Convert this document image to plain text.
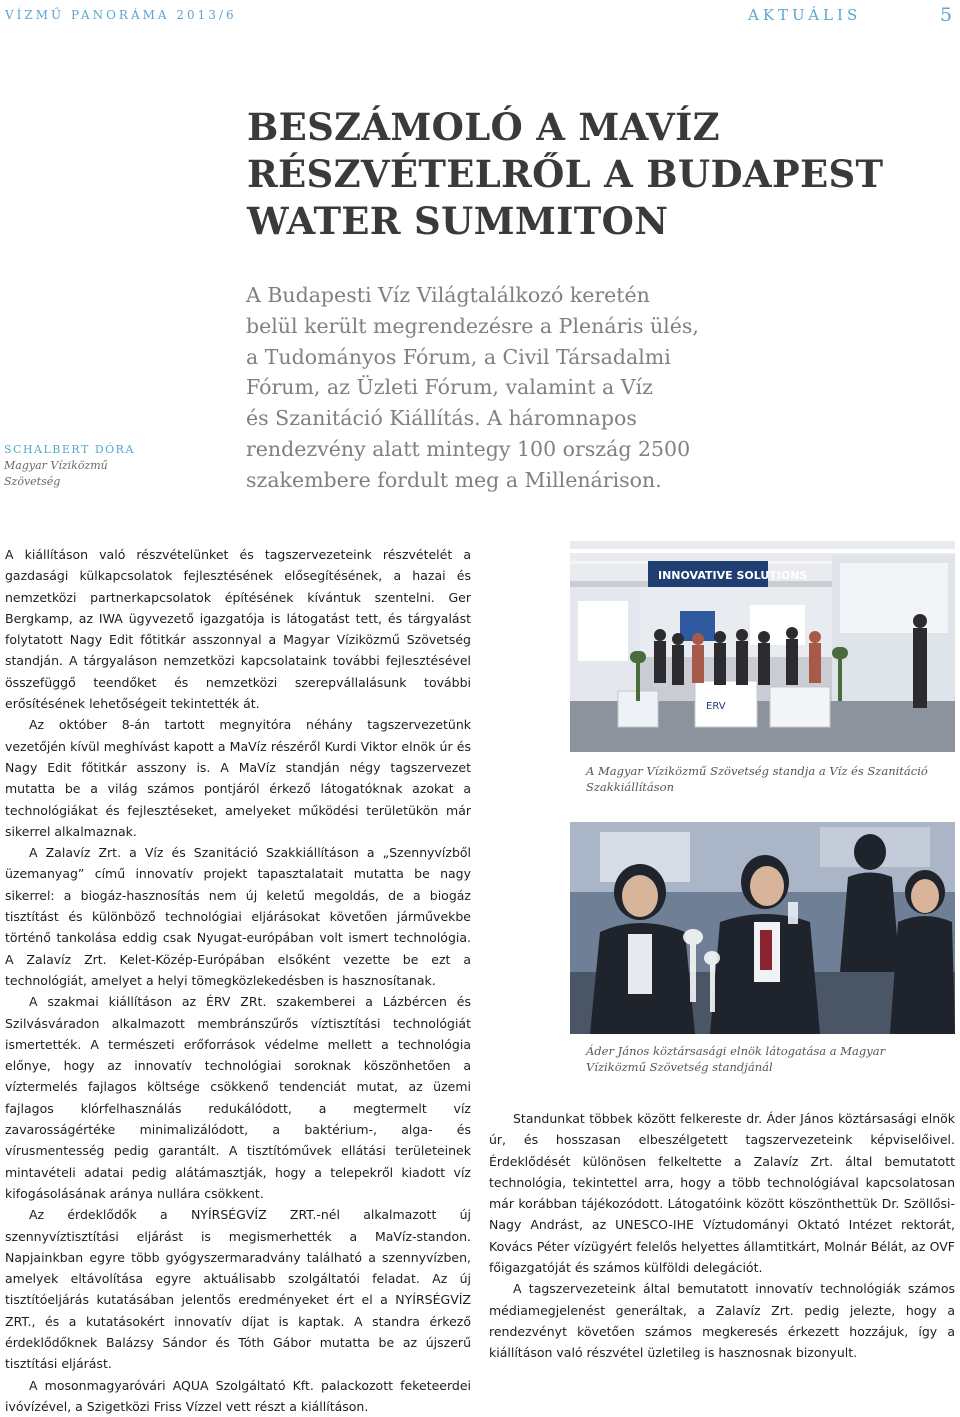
VÍZMŰ PANORÁMA 2013/6	AKTUÁLIS	5
BESZÁMOLÓ A MAVÍZ
RÉSZVÉTELRŐL A BUDAPEST
WATER SUMMITON

A Budapesti Víz Világtalálkozó keretén
belül került megrendezésre a Plenáris ülés,
a Tudományos Fórum, a Civil Társadalmi
Fórum, az Üzleti Fórum, valamint a Víz
és Szanitáció Kiállítás. A háromnapos
rendezvény alatt mintegy 100 ország 2500
szakembere fordult meg a Millenárison.

SCHALBERT DÓRA
Magyar Víziközmű Szövetség

A kiállításon való részvételünket és tagszervezeteink részvételét a gazdasági külkapcsolatok fejlesztésének elősegítésének, a hazai és nemzetközi partnerkapcsolatok építésének kívántuk szentelni. Ger Bergkamp, az IWA ügyvezető igazgatója is látogatást tett, és tárgyalást folytatott Nagy Edit főtitkár asszonnyal a Magyar Víziközmű Szövetség standján. A tárgyaláson nemzetközi kapcsolataink további fejlesztésével összefüggő teendőket és nemzetközi szerepvállalásunk további erősítésének lehetőségeit tekintették át.

Az október 8-án tartott megnyitóra néhány tagszervezetünk vezetőjén kívül meghívást kapott a MaVíz részéről Kurdi Viktor elnök úr és Nagy Edit főtitkár asszony is. A MaVíz standján négy tagszervezet mutatta be a világ számos pontjáról érkező látogatóknak azokat a technológiákat és fejlesztéseket, amelyeket működési területükön már sikerrel alkalmaznak.

A Zalavíz Zrt. a Víz és Szanitáció Szakkiállításon a „Szennyvízből üzemanyag” című innovatív projekt tapasztalatait mutatta be nagy sikerrel: a biogáz-hasznosítás nem új keletű megoldás, de a biogáz tisztítást és különböző technológiai eljárásokat követően járművekbe történő tankolása eddig csak Nyugat-európában volt ismert technológia. A Zalavíz Zrt. Kelet-Közép-Európában elsőként vezette be ezt a technológiát, amelyet a helyi tömegközlekedésben is hasznosítanak.

A szakmai kiállításon az ÉRV ZRt. szakemberei a Lázbércen és Szilvásváradon alkalmazott membránszűrős víztisztítási technológiát ismertették. A természeti erőforrások védelme mellett a technológia előnye, hogy az innovatív technológiai soroknak köszönhetően a víztermelés fajlagos költsége csökkenő tendenciát mutat, az üzemi fajlagos klórfelhasználás redukálódott, a megtermelt víz zavarosságértéke minimalizálódott, a baktérium-, alga- és vírusmentesség pedig garantált. A tisztítóművek ellátási területeinek mintavételi adatai pedig alátámasztják, hogy a telepekről kiadott víz kifogásolásának aránya nullára csökkent.

Az érdeklődők a NYÍRSÉGVÍZ ZRT.-nél alkalmazott új szennyvíztisztítási eljárást is megismerhették a MaVíz-standon. Napjainkban egyre több gyógyszermaradvány található a szennyvízben, amelyek eltávolítása egyre aktuálisabb szolgáltatói feladat. Az új tisztítóeljárás kutatásában jelentős eredményeket ért el a NYÍRSÉGVÍZ ZRT., és a kutatásokért innovatív díjat is kaptak. A standra érkező érdeklődőknek Balázsy Sándor és Tóth Gábor mutatta be az újszerű tisztítási eljárást.

A mosonmagyaróvári AQUA Szolgáltató Kft. palackozott feketeerdei ivóvízével, a Szigetközi Friss Vízzel vett részt a kiállításon.

INNOVATIVE SOLUTIONS
ERV
A Magyar Víziközmű Szövetség standja a Víz és Szanitáció Szakkiállításon
Áder János köztársasági elnök látogatása a Magyar Víziközmű Szövetség standjánál

Standunkat többek között felkereste dr. Áder János köztársasági elnök úr, és hosszasan elbeszélgetett tagszervezeteink képviselőivel. Érdeklődését különösen felkeltette a Zalavíz Zrt. által bemutatott technológia, tekintettel arra, hogy a több technológiával kapcsolatosan már korábban tájékozódott. Látogatóink között köszönthettük Dr. Szöllősi-Nagy Andrást, az UNESCO-IHE Víztudományi Oktató Intézet rektorát, Kovács Péter vízügyért felelős helyettes államtitkárt, Molnár Bélát, az OVF főigazgatóját és számos külföldi delegációt.

A tagszervezeteink által bemutatott innovatív technológiák számos médiamegjelenést generáltak, a Zalavíz Zrt. pedig jelezte, hogy a rendezvényt követően számos megkeresés érkezett hozzájuk, így a kiállításon való részvétel üzletileg is hasznosnak bizonyult.
